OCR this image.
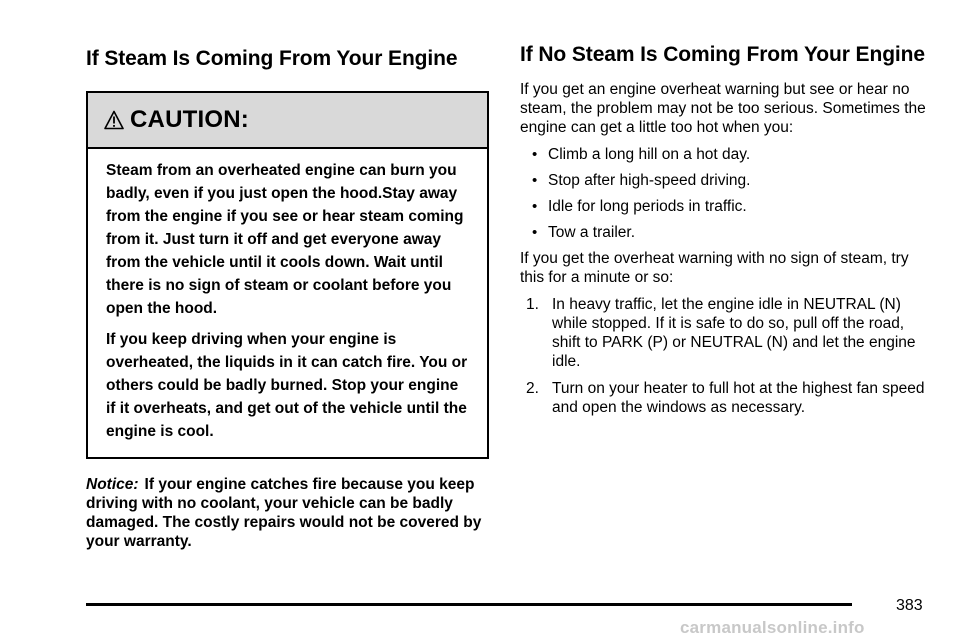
If Steam Is Coming From Your Engine
CAUTION:

Steam from an overheated engine can burn you badly, even if you just open the hood.Stay away from the engine if you see or hear steam coming from it. Just turn it off and get everyone away from the vehicle until it cools down. Wait until there is no sign of steam or coolant before you open the hood.

If you keep driving when your engine is overheated, the liquids in it can catch fire. You or others could be badly burned. Stop your engine if it overheats, and get out of the vehicle until the engine is cool.

Notice: If your engine catches fire because you keep driving with no coolant, your vehicle can be badly damaged. The costly repairs would not be covered by your warranty.
If No Steam Is Coming From Your Engine

If you get an engine overheat warning but see or hear no steam, the problem may not be too serious. Sometimes the engine can get a little too hot when you:

• Climb a long hill on a hot day.
• Stop after high-speed driving.
• Idle for long periods in traffic.
• Tow a trailer.

If you get the overheat warning with no sign of steam, try this for a minute or so:

1. In heavy traffic, let the engine idle in NEUTRAL (N) while stopped. If it is safe to do so, pull off the road, shift to PARK (P) or NEUTRAL (N) and let the engine idle.
2. Turn on your heater to full hot at the highest fan speed and open the windows as necessary.
383
carmanualsonline.info
